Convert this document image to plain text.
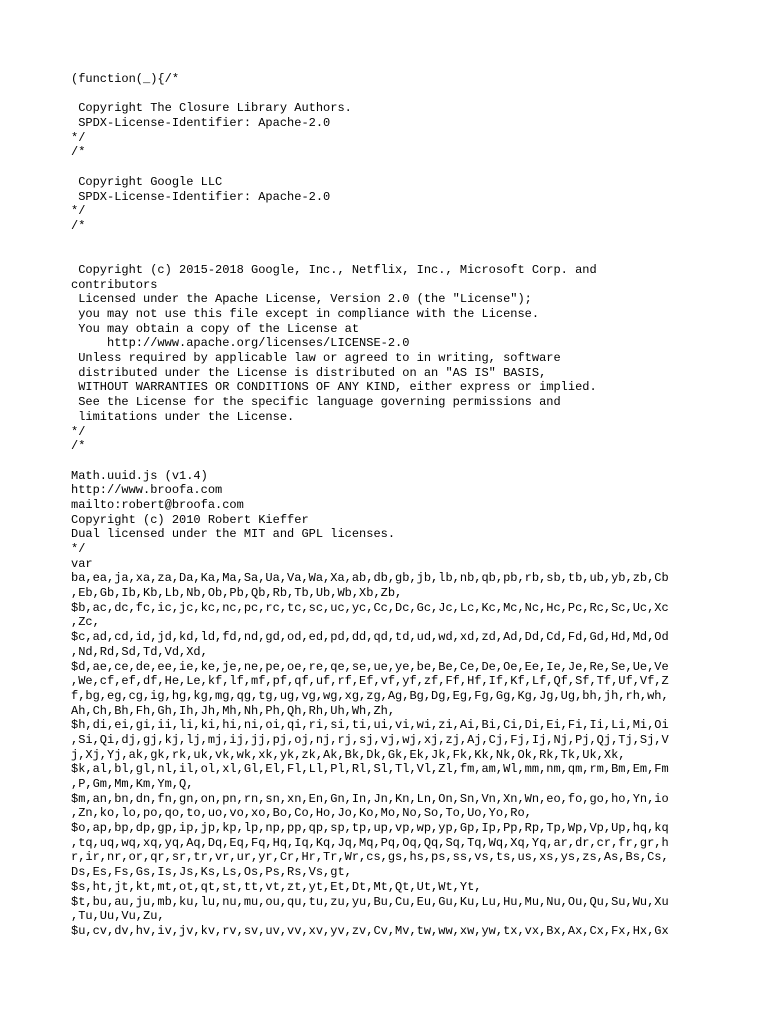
(function(_){/*
Copyright The Closure Library Authors.
SPDX-License-Identifier: Apache-2.0
*/
/*
Copyright Google LLC
SPDX-License-Identifier: Apache-2.0
*/
/*
Copyright (c) 2015-2018 Google, Inc., Netflix, Inc., Microsoft Corp. and
contributors
Licensed under the Apache License, Version 2.0 (the "License");
you may not use this file except in compliance with the License.
You may obtain a copy of the License at
http://www.apache.org/licenses/LICENSE-2.0
Unless required by applicable law or agreed to in writing, software
distributed under the License is distributed on an "AS IS" BASIS,
WITHOUT WARRANTIES OR CONDITIONS OF ANY KIND, either express or implied.
See the License for the specific language governing permissions and
limitations under the License.
*/
/*
Math.uuid.js (v1.4)
http://www.broofa.com
mailto:robert@broofa.com
Copyright (c) 2010 Robert Kieffer
Dual licensed under the MIT and GPL licenses.
*/
var
ba,ea,ja,xa,za,Da,Ka,Ma,Sa,Ua,Va,Wa,Xa,ab,db,gb,jb,lb,nb,qb,pb,rb,sb,tb,ub,yb,zb,Cb
,Eb,Gb,Ib,Kb,Lb,Nb,Ob,Pb,Qb,Rb,Tb,Ub,Wb,Xb,Zb,
$b,ac,dc,fc,ic,jc,kc,nc,pc,rc,tc,sc,uc,yc,Cc,Dc,Gc,Jc,Lc,Kc,Mc,Nc,Hc,Pc,Rc,Sc,Uc,Xc
,Zc,
$c,ad,cd,id,jd,kd,ld,fd,nd,gd,od,ed,pd,dd,qd,td,ud,wd,xd,zd,Ad,Dd,Cd,Fd,Gd,Hd,Md,Od
,Nd,Rd,Sd,Td,Vd,Xd,
$d,ae,ce,de,ee,ie,ke,je,ne,pe,oe,re,qe,se,ue,ye,be,Be,Ce,De,Oe,Ee,Ie,Je,Re,Se,Ue,Ve
,We,cf,ef,df,He,Le,kf,lf,mf,pf,qf,uf,rf,Ef,vf,yf,zf,Ff,Hf,If,Kf,Lf,Qf,Sf,Tf,Uf,Vf,Z
f,bg,eg,cg,ig,hg,kg,mg,qg,tg,ug,vg,wg,xg,zg,Ag,Bg,Dg,Eg,Fg,Gg,Kg,Jg,Ug,bh,jh,rh,wh,
Ah,Ch,Bh,Fh,Gh,Ih,Jh,Mh,Nh,Ph,Qh,Rh,Uh,Wh,Zh,
$h,di,ei,gi,ii,li,ki,hi,ni,oi,qi,ri,si,ti,ui,vi,wi,zi,Ai,Bi,Ci,Di,Ei,Fi,Ii,Li,Mi,Oi
,Si,Qi,dj,gj,kj,lj,mj,ij,jj,pj,oj,nj,rj,sj,vj,wj,xj,zj,Aj,Cj,Fj,Ij,Nj,Pj,Qj,Tj,Sj,V
j,Xj,Yj,ak,gk,rk,uk,vk,wk,xk,yk,zk,Ak,Bk,Dk,Gk,Ek,Jk,Fk,Kk,Nk,Ok,Rk,Tk,Uk,Xk,
$k,al,bl,gl,nl,il,ol,xl,Gl,El,Fl,Ll,Pl,Rl,Sl,Tl,Vl,Zl,fm,am,Wl,mm,nm,qm,rm,Bm,Em,Fm
,P,Gm,Mm,Km,Ym,Q,
$m,an,bn,dn,fn,gn,on,pn,rn,sn,xn,En,Gn,In,Jn,Kn,Ln,On,Sn,Vn,Xn,Wn,eo,fo,go,ho,Yn,io
,Zn,ko,lo,po,qo,to,uo,vo,xo,Bo,Co,Ho,Jo,Ko,Mo,No,So,To,Uo,Yo,Ro,
$o,ap,bp,dp,gp,ip,jp,kp,lp,np,pp,qp,sp,tp,up,vp,wp,yp,Gp,Ip,Pp,Rp,Tp,Wp,Vp,Up,hq,kq
,tq,uq,wq,xq,yq,Aq,Dq,Eq,Fq,Hq,Iq,Kq,Jq,Mq,Pq,Oq,Qq,Sq,Tq,Wq,Xq,Yq,ar,dr,cr,fr,gr,h
r,ir,nr,or,qr,sr,tr,vr,ur,yr,Cr,Hr,Tr,Wr,cs,gs,hs,ps,ss,vs,ts,us,xs,ys,zs,As,Bs,Cs,
Ds,Es,Fs,Gs,Is,Js,Ks,Ls,Os,Ps,Rs,Vs,gt,
$s,ht,jt,kt,mt,ot,qt,st,tt,vt,zt,yt,Et,Dt,Mt,Qt,Ut,Wt,Yt,
$t,bu,au,ju,mb,ku,lu,nu,mu,ou,qu,tu,zu,yu,Bu,Cu,Eu,Gu,Ku,Lu,Hu,Mu,Nu,Ou,Qu,Su,Wu,Xu
,Tu,Uu,Vu,Zu,
$u,cv,dv,hv,iv,jv,kv,rv,sv,uv,vv,xv,yv,zv,Cv,Mv,tw,ww,xw,yw,tx,vx,Bx,Ax,Cx,Fx,Hx,Gx
